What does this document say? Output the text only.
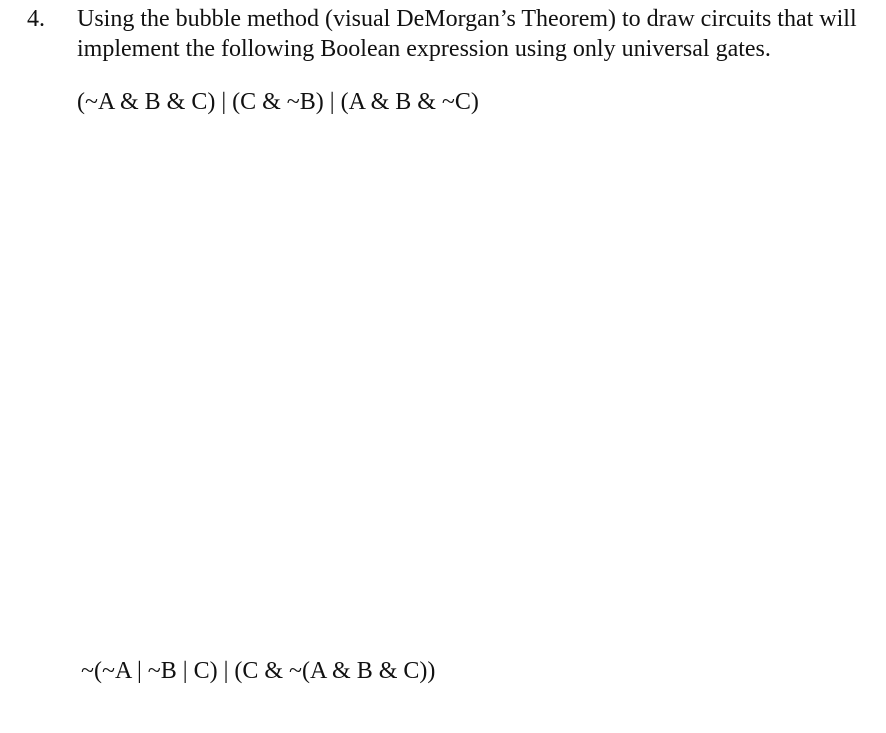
4. Using the bubble method (visual DeMorgan’s Theorem) to draw circuits that will
implement the following Boolean expression using only universal gates.
(~A & B & C) | (C & ~B) | (A & B & ~C)
~(~A | ~B | C) | (C & ~(A & B & C))
